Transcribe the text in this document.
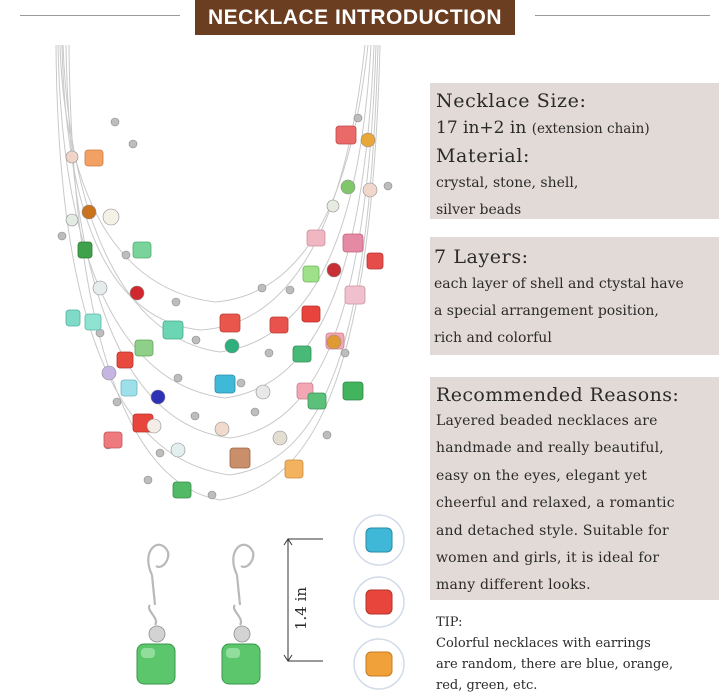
NECKLACE INTRODUCTION
1.4 in
Necklace Size:
17 in+2 in (extension chain)
Material:
crystal, stone, shell,
silver beads
7 Layers:
each layer of shell and ctystal have
a special arrangement position,
rich and colorful
Recommended Reasons:
Layered beaded necklaces are
handmade and really beautiful,
easy on the eyes, elegant yet
cheerful and relaxed, a romantic
and detached style. Suitable for
women and girls, it is ideal for
many different looks.
TIP:
Colorful necklaces with earrings
are random, there are blue, orange,
red, green, etc.
